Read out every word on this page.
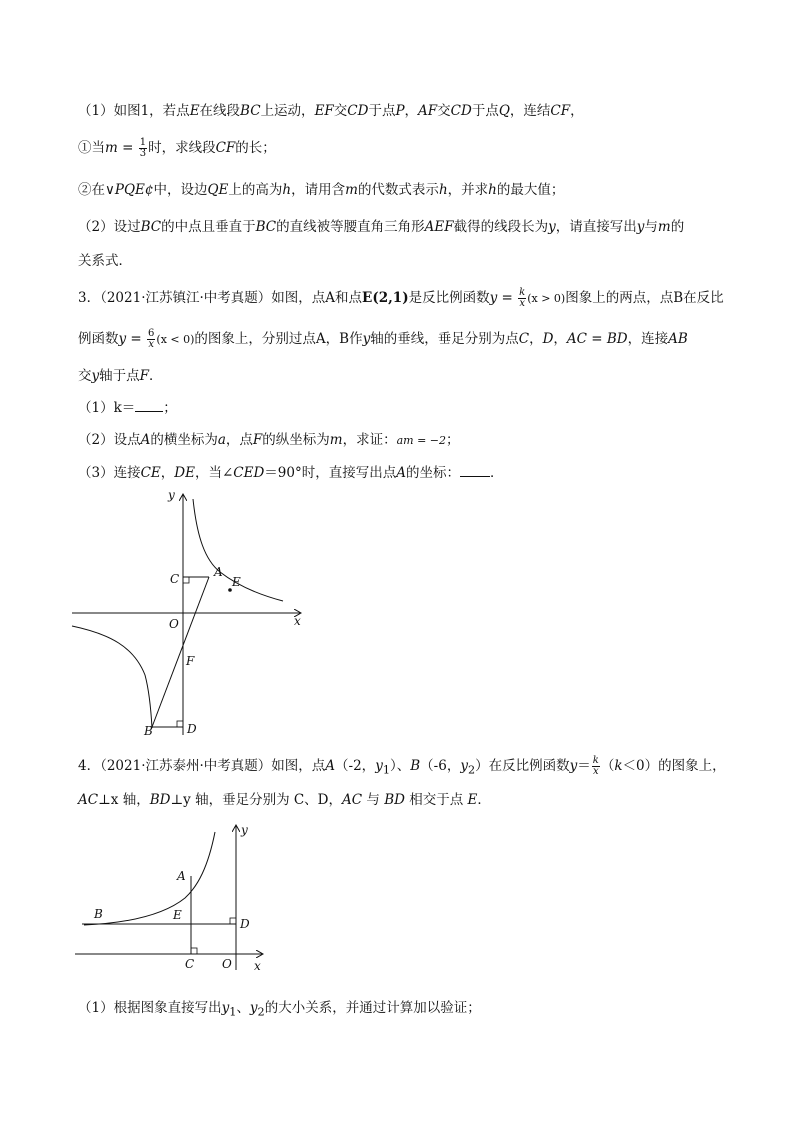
（1）如图1，若点E在线段BC上运动，EF交CD于点P，AF交CD于点Q，连结CF，
①当$m = \frac{1}{3}$ 时，求线段CF的长；
②在∨PQE¢中，设边QE上的高为h，请用含m的代数式表示h，并求h的最大值；
（2）设过BC的中点且垂直于BC的直线被等腰直角三角形AEF截得的线段长为y，请直接写出y与m的
关系式．
3．（2021·江苏镇江·中考真题）如图，点A和点E(2,1)是反比例函数$y = \frac{k}{x} (x > 0)$图象上的两点，点B在反比
例函数$y = \frac{6}{x} (x < 0)$的图象上，分别过点A，B作y轴的垂线，垂足分别为点C，D，AC = BD，连接AB
交y轴于点F．
（1）k＝ ；
（2）设点A的横坐标为a，点F的纵坐标为m，求证：am = −2；
（3）连接CE，DE，当∠CED＝90°时，直接写出点A的坐标： ．
y
x
O
C	A
E
F
B	D
4．（2021·江苏泰州·中考真题）如图，点A（-2，$y_1$）、B（-6，$y_2$）在反比例函数$y= \frac{k}{x} (k<0)$的图象上，
AC⊥x 轴，BD⊥y 轴，垂足分别为 C、D，AC 与 BD 相交于点 E．
y
x
O
A
B	E
C
D
（1）根据图象直接写出$y_1$、$y_2$的大小关系，并通过计算加以验证；
